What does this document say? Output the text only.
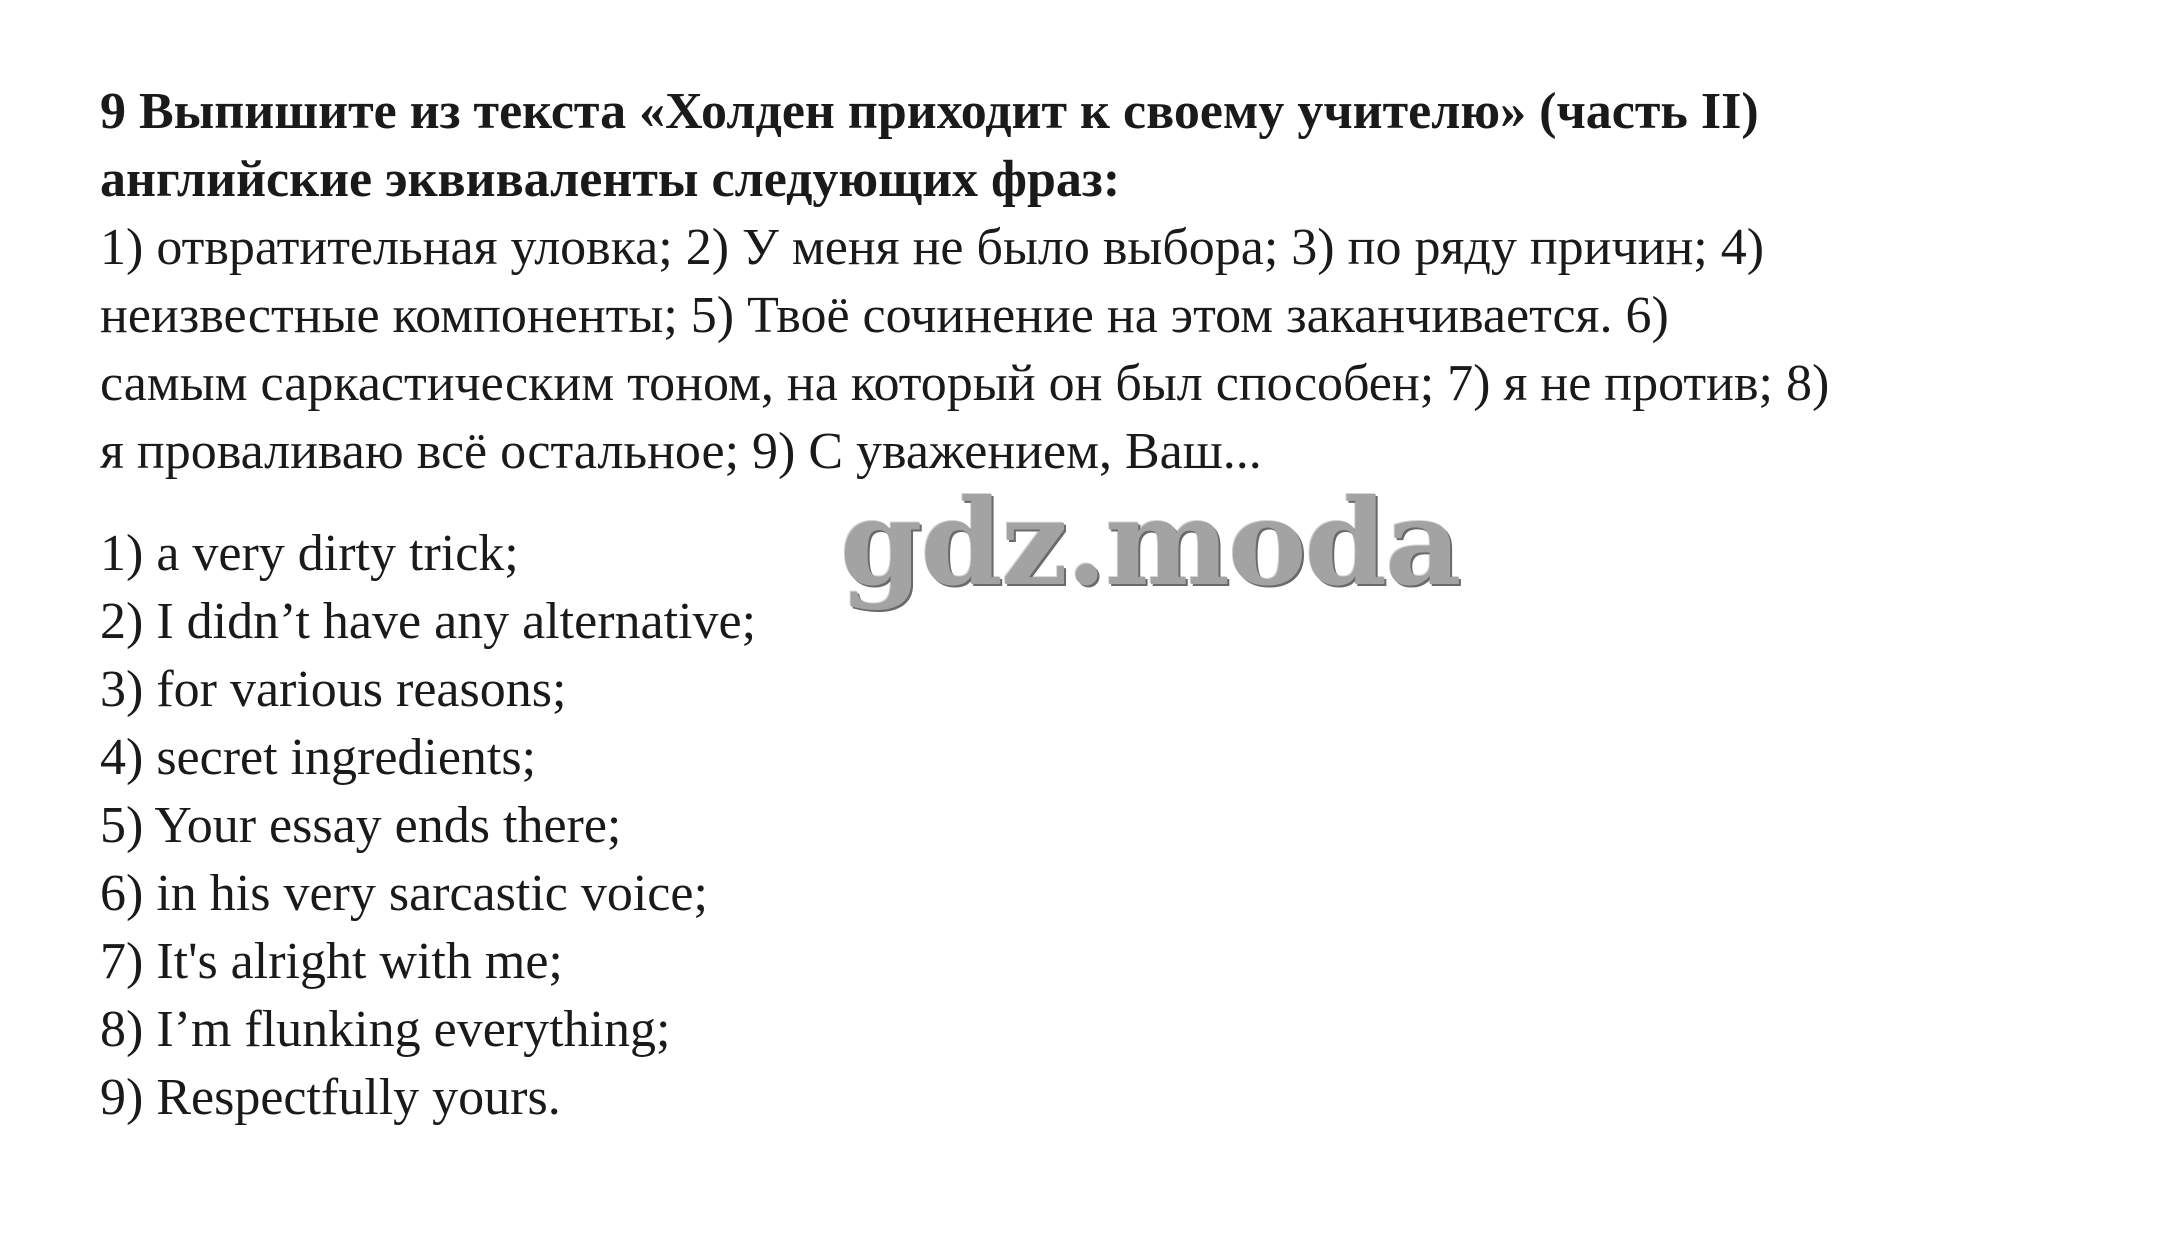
9 Выпишите из текста «Холден приходит к своему учителю» (часть II)
английские эквиваленты следующих фраз:

1) отвратительная уловка; 2) У меня не было выбора; 3) по ряду причин; 4)
неизвестные компоненты; 5) Твоё сочинение на этом заканчивается. 6)
самым саркастическим тоном, на который он был способен; 7) я не против; 8)
я проваливаю всё остальное; 9) С уважением, Ваш...

1) a very dirty trick;
2) I didn’t have any alternative;
3) for various reasons;
4) secret ingredients;
5) Your essay ends there;
6) in his very sarcastic voice;
7) It's alright with me;
8) I’m flunking everything;
9) Respectfully yours.
gdz.moda
